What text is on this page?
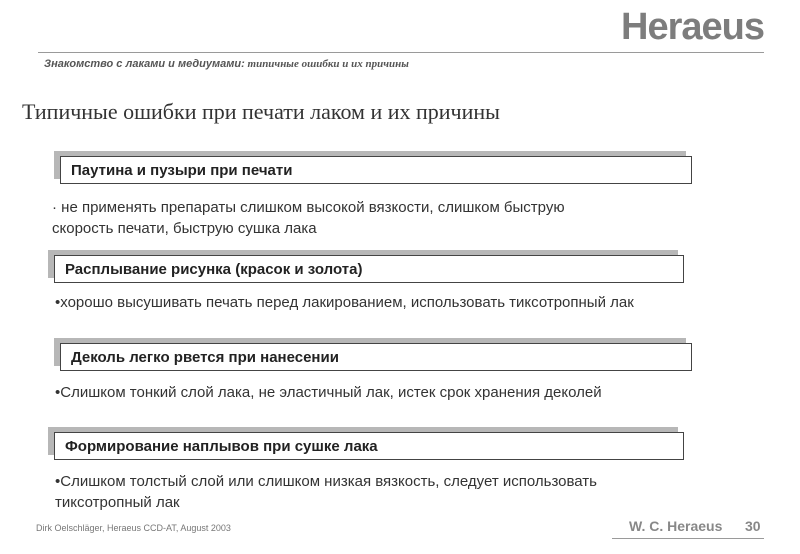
Heraeus
Знакомство с лаками и медиумами: типичные ошибки и их причины
Типичные ошибки при печати лаком и их причины
Паутина и пузыри при печати
· не применять препараты слишком высокой вязкости, слишком быструю скорость печати, быструю сушка лака
Расплывание рисунка (красок и золота)
•хорошо высушивать печать перед лакированием, использовать тиксотропный лак
Деколь легко рвется при нанесении
•Слишком тонкий слой лака, не эластичный лак, истек срок хранения деколей
Формирование наплывов при сушке лака
•Слишком толстый слой или слишком низкая вязкость, следует использовать тиксотропный лак
Dirk Oelschläger, Heraeus CCD-AT, August 2003	W. C. Heraeus 30
